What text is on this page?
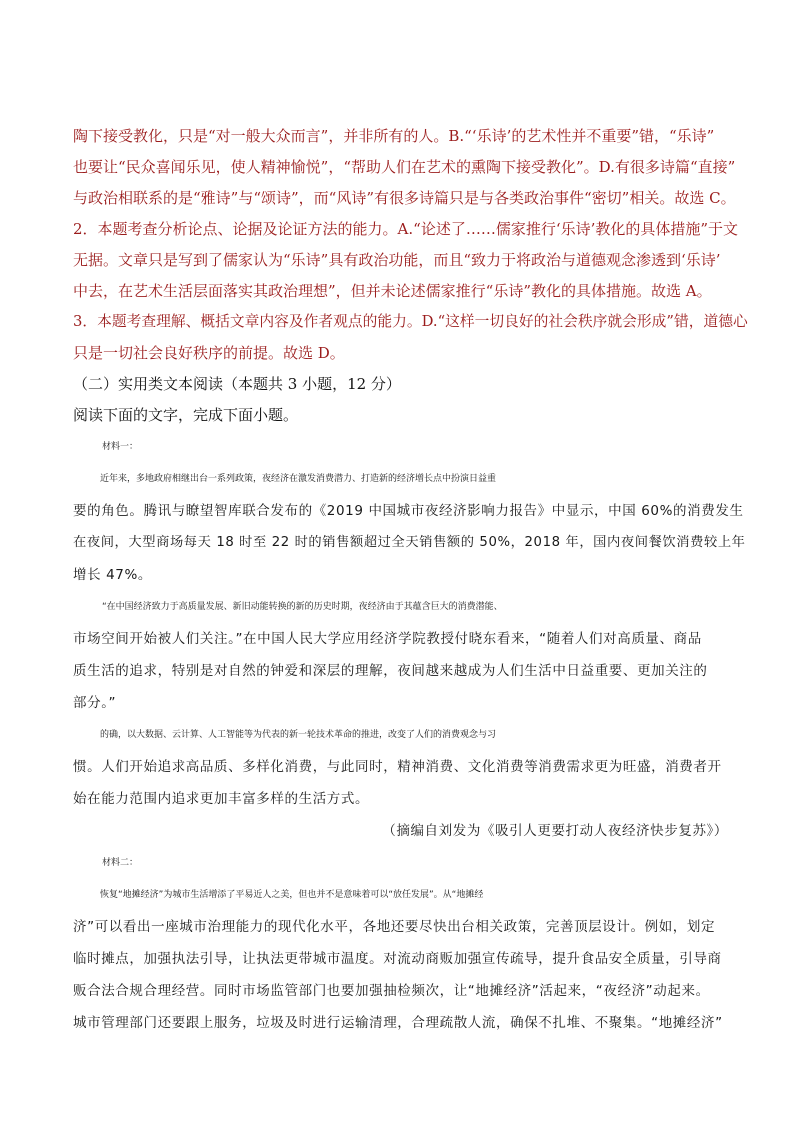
陶下接受教化，只是“对一般大众而言”，并非所有的人。B.“‘乐诗’的艺术性并不重要”错，“乐诗”

也要让“民众喜闻乐见，使人精神愉悦”，“帮助人们在艺术的熏陶下接受教化”。D.有很多诗篇“直接”

与政治相联系的是“雅诗”与“颂诗”，而“风诗”有很多诗篇只是与各类政治事件“密切”相关。故选 C。

2．本题考查分析论点、论据及论证方法的能力。A.“论述了……儒家推行‘乐诗’教化的具体措施”于文

无据。文章只是写到了儒家认为“乐诗”具有政治功能，而且“致力于将政治与道德观念渗透到‘乐诗’

中去，在艺术生活层面落实其政治理想”，但并未论述儒家推行“乐诗”教化的具体措施。故选 A。

3．本题考查理解、概括文章内容及作者观点的能力。D.“这样一切良好的社会秩序就会形成”错，道德心

只是一切社会良好秩序的前提。故选 D。

（二）实用类文本阅读（本题共 3 小题，12 分）

阅读下面的文字，完成下面小题。

材料一：

近年来，多地政府相继出台一系列政策，夜经济在激发消费潜力、打造新的经济增长点中扮演日益重

要的角色。腾讯与瞭望智库联合发布的《2019 中国城市夜经济影响力报告》中显示，中国 60%的消费发生

在夜间，大型商场每天 18 时至 22 时的销售额超过全天销售额的 50%，2018 年，国内夜间餐饮消费较上年

增长 47%。

“在中国经济致力于高质量发展、新旧动能转换的新的历史时期，夜经济由于其蕴含巨大的消费潜能、

市场空间开始被人们关注。”在中国人民大学应用经济学院教授付晓东看来，“随着人们对高质量、商品

质生活的追求，特别是对自然的钟爱和深层的理解，夜间越来越成为人们生活中日益重要、更加关注的

部分。”

的确，以大数据、云计算、人工智能等为代表的新一轮技术革命的推进，改变了人们的消费观念与习

惯。人们开始追求高品质、多样化消费，与此同时，精神消费、文化消费等消费需求更为旺盛，消费者开

始在能力范围内追求更加丰富多样的生活方式。

（摘编自刘发为《吸引人更要打动人夜经济快步复苏》）

材料二：

恢复“地摊经济”为城市生活增添了平易近人之美，但也并不是意味着可以“放任发展”。从“地摊经

济”可以看出一座城市治理能力的现代化水平，各地还要尽快出台相关政策，完善顶层设计。例如，划定

临时摊点，加强执法引导，让执法更带城市温度。对流动商贩加强宣传疏导，提升食品安全质量，引导商

贩合法合规合理经营。同时市场监管部门也要加强抽检频次，让“地摊经济”活起来，“夜经济”动起来。

城市管理部门还要跟上服务，垃圾及时进行运输清理，合理疏散人流，确保不扎堆、不聚集。“地摊经济”
